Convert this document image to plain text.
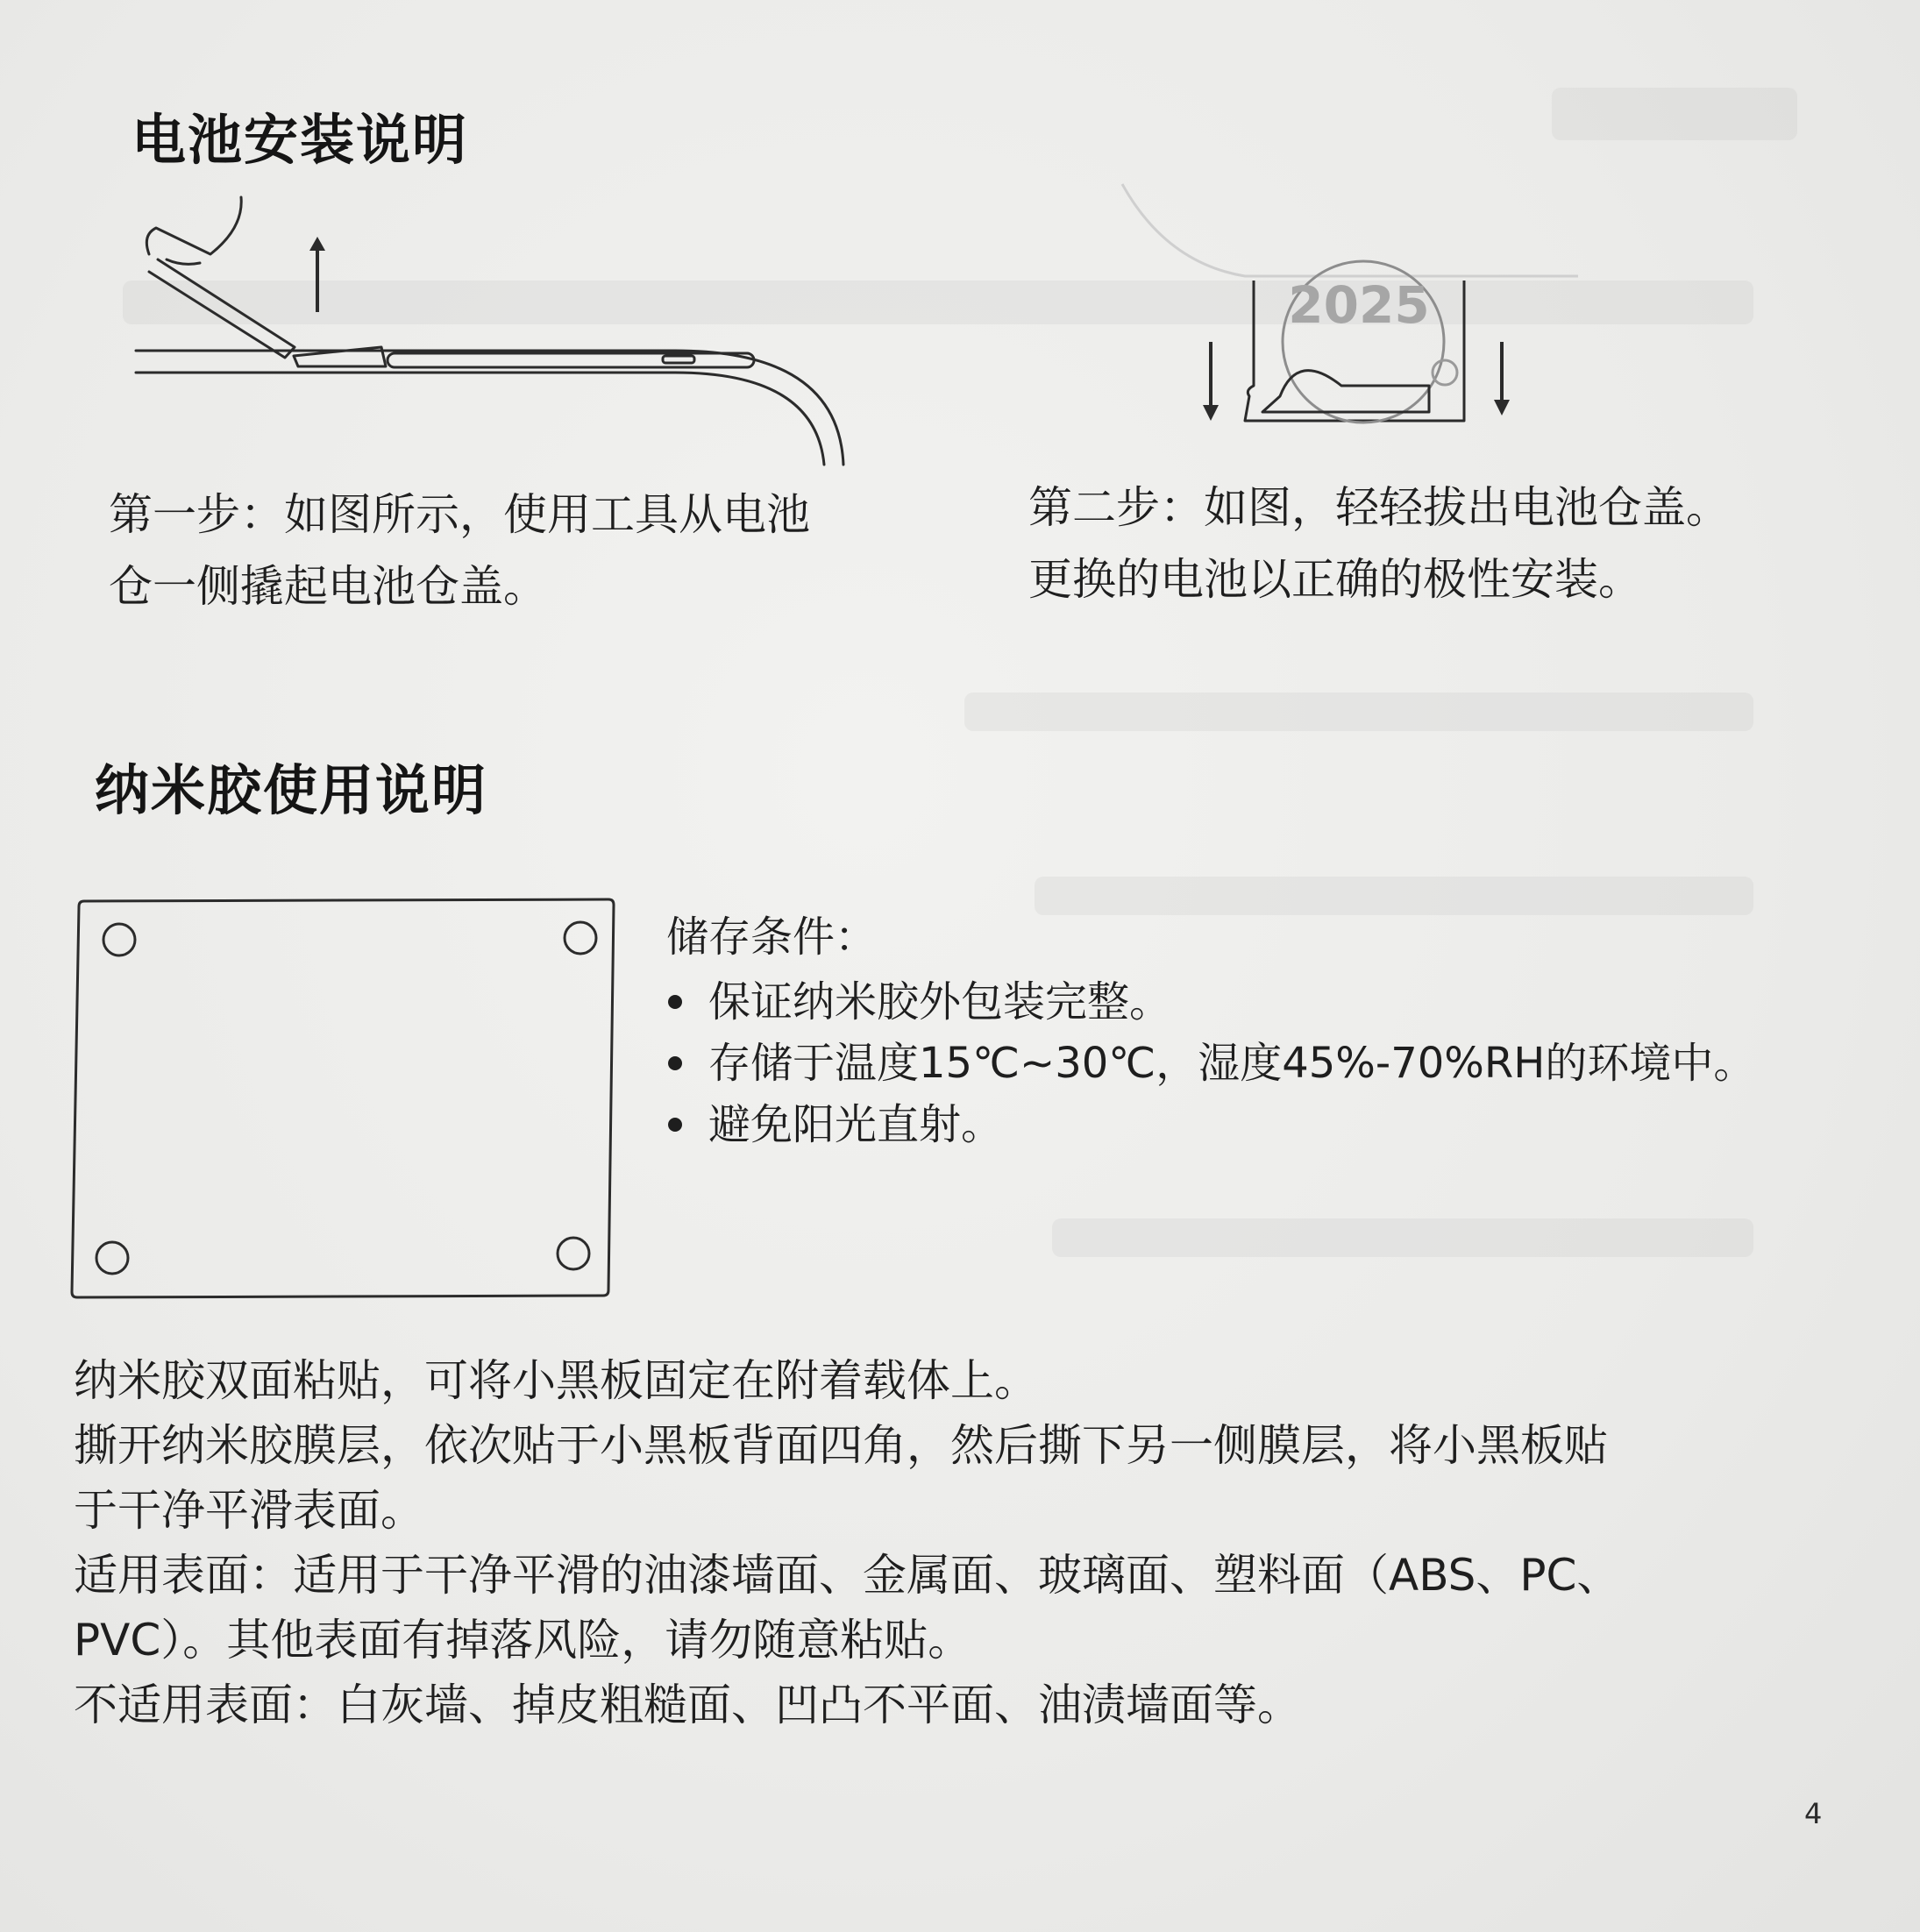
电池安装说明
2025
第一步：如图所示，使用工具从电池
仓一侧撬起电池仓盖。
第二步：如图，轻轻拔出电池仓盖。
更换的电池以正确的极性安装。
纳米胶使用说明
储存条件：
保证纳米胶外包装完整。
存储于温度15℃~30℃，湿度45%-70%RH的环境中。
避免阳光直射。
纳米胶双面粘贴，可将小黑板固定在附着载体上。
撕开纳米胶膜层，依次贴于小黑板背面四角，然后撕下另一侧膜层，将小黑板贴
于干净平滑表面。
适用表面：适用于干净平滑的油漆墙面、金属面、玻璃面、塑料面（ABS、PC、
PVC）。其他表面有掉落风险，请勿随意粘贴。
不适用表面：白灰墙、掉皮粗糙面、凹凸不平面、油渍墙面等。
4
